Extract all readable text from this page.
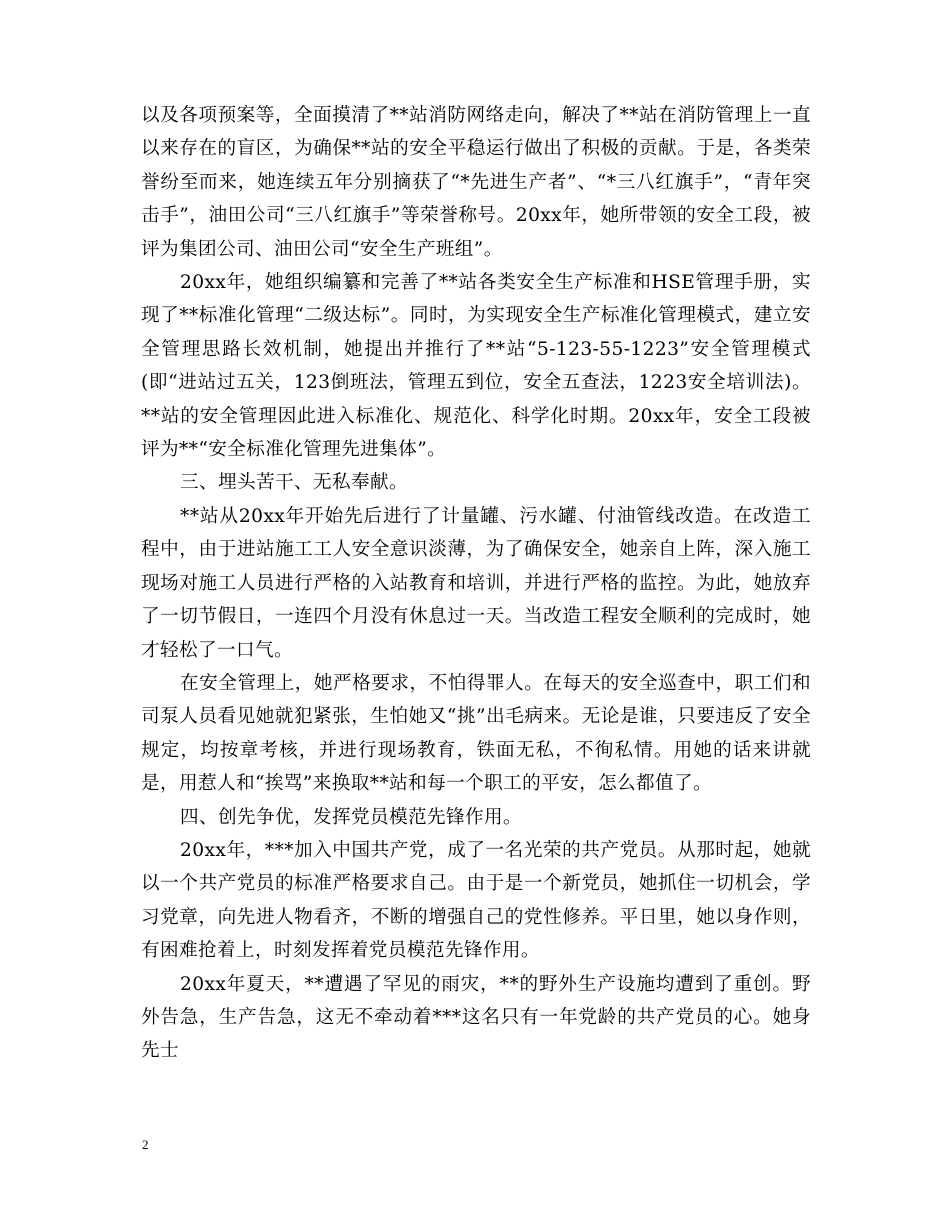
以及各项预案等，全面摸清了**站消防网络走向，解决了**站在消防管理上一直以来存在的盲区，为确保**站的安全平稳运行做出了积极的贡献。于是，各类荣誉纷至而来，她连续五年分别摘获了“*先进生产者”、“*三八红旗手”，“青年突击手”，油田公司“三八红旗手”等荣誉称号。20xx年，她所带领的安全工段，被评为集团公司、油田公司“安全生产班组”。

20xx年，她组织编纂和完善了**站各类安全生产标准和HSE管理手册，实现了**标准化管理“二级达标”。同时，为实现安全生产标准化管理模式，建立安全管理思路长效机制，她提出并推行了**站“5-123-55-1223”安全管理模式(即“进站过五关，123倒班法，管理五到位，安全五查法，1223安全培训法)。**站的安全管理因此进入标准化、规范化、科学化时期。20xx年，安全工段被评为**“安全标准化管理先进集体”。

三、埋头苦干、无私奉献。

**站从20xx年开始先后进行了计量罐、污水罐、付油管线改造。在改造工程中，由于进站施工工人安全意识淡薄，为了确保安全，她亲自上阵，深入施工现场对施工人员进行严格的入站教育和培训，并进行严格的监控。为此，她放弃了一切节假日，一连四个月没有休息过一天。当改造工程安全顺利的完成时，她才轻松了一口气。

在安全管理上，她严格要求，不怕得罪人。在每天的安全巡查中，职工们和司泵人员看见她就犯紧张，生怕她又“挑”出毛病来。无论是谁，只要违反了安全规定，均按章考核，并进行现场教育，铁面无私，不徇私情。用她的话来讲就是，用惹人和“挨骂”来换取**站和每一个职工的平安，怎么都值了。

四、创先争优，发挥党员模范先锋作用。

20xx年，***加入中国共产党，成了一名光荣的共产党员。从那时起，她就以一个共产党员的标准严格要求自己。由于是一个新党员，她抓住一切机会，学习党章，向先进人物看齐，不断的增强自己的党性修养。平日里，她以身作则，有困难抢着上，时刻发挥着党员模范先锋作用。

20xx年夏天，**遭遇了罕见的雨灾，**的野外生产设施均遭到了重创。野外告急，生产告急，这无不牵动着***这名只有一年党龄的共产党员的心。她身先士

2
